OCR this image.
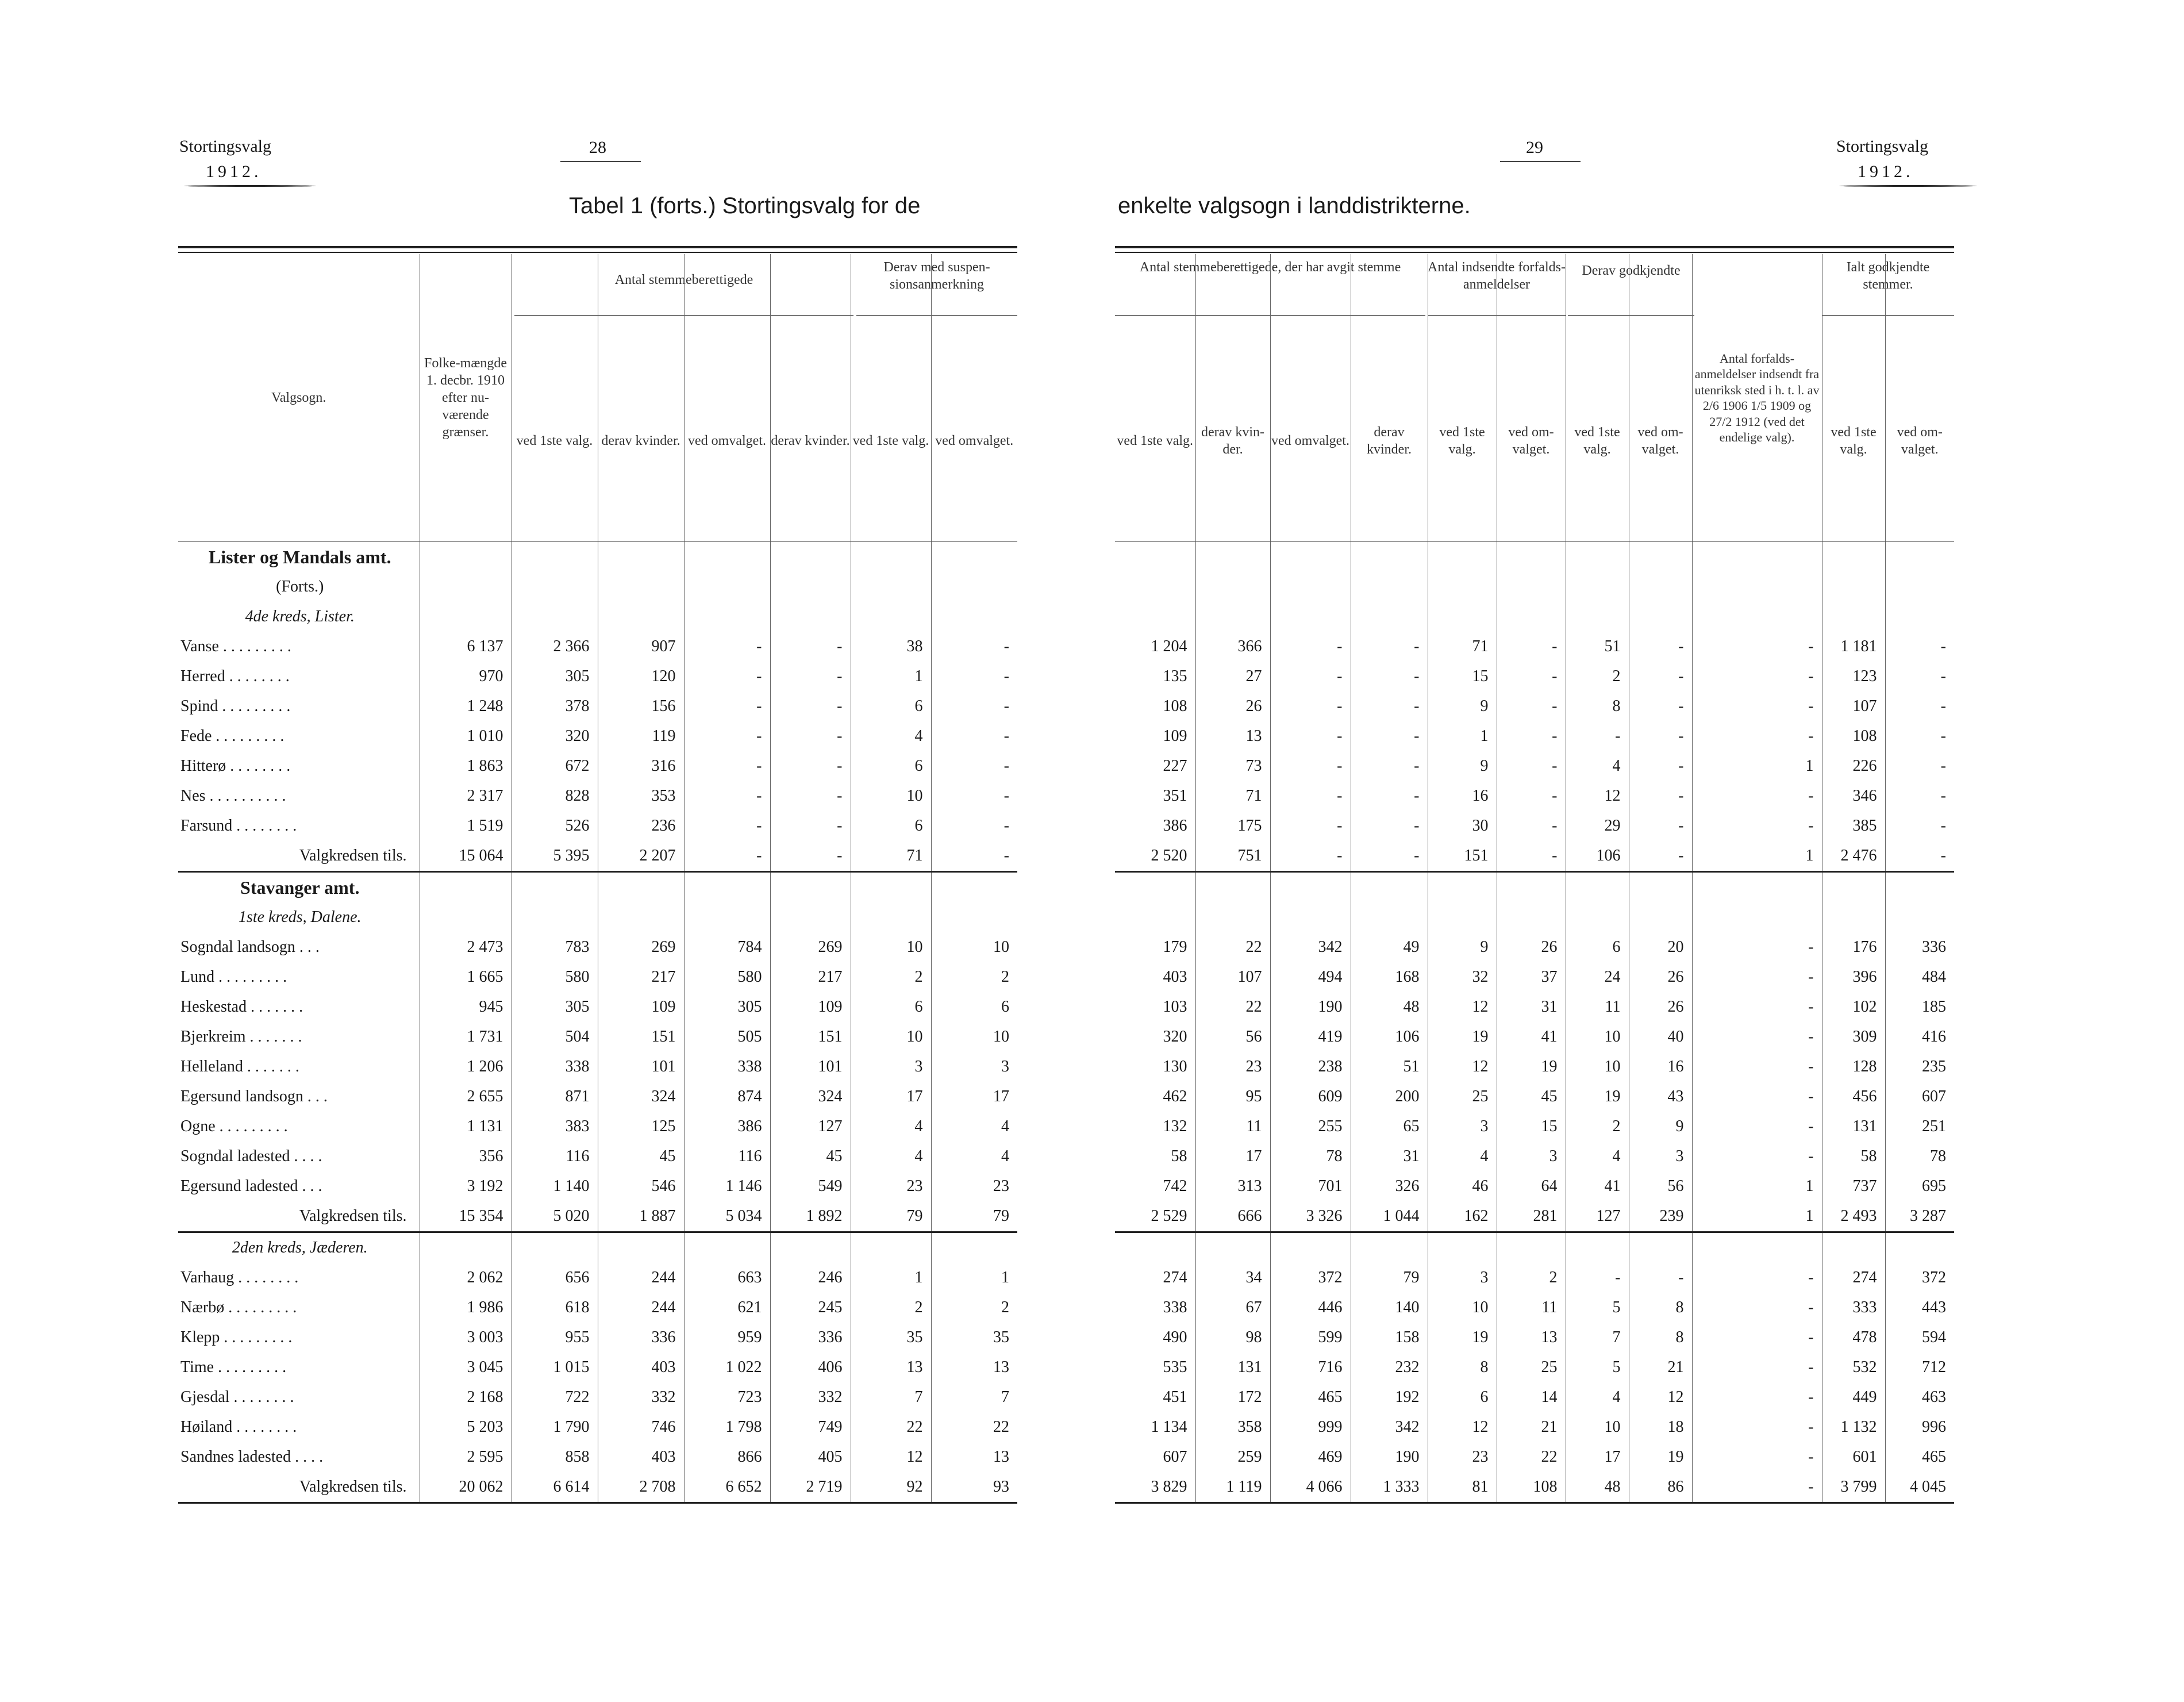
Stortingsvalg
1912.
28
Tabel 1 (forts.) Stortingsvalg for de
29
enkelte valgsogn i landdistrikterne.
Stortingsvalg
1912.
Antal stemmeberettigede
Derav med suspen-sionsanmerkning
Antal stemmeberettigede, der har avgit stemme	Antal indsendte forfalds-anmeldelser
Derav godkjendte	Ialt godkjendte stemmer.
Valgsogn.	Folke-mængde 1. decbr. 1910 efter nu-værende grænser.	ved 1ste valg.	derav kvinder.	ved omvalget.	derav kvinder.	ved 1ste valg.	ved omvalget.
Lister og Mandals amt.							
(Forts.)							
4de kreds, Lister.							
Vanse . . . . . . . . .	6 137	2 366	907	-	-	38	-
Herred . . . . . . . .	970	305	120	-	-	1	-
Spind . . . . . . . . .	1 248	378	156	-	-	6	-
Fede . . . . . . . . .	1 010	320	119	-	-	4	-
Hitterø . . . . . . . .	1 863	672	316	-	-	6	-
Nes . . . . . . . . . .	2 317	828	353	-	-	10	-
Farsund . . . . . . . .	1 519	526	236	-	-	6	-
Valgkredsen tils.	15 064	5 395	2 207	-	-	71	-
Stavanger amt.							
1ste kreds, Dalene.							
Sogndal landsogn . . .	2 473	783	269	784	269	10	10
Lund . . . . . . . . .	1 665	580	217	580	217	2	2
Heskestad . . . . . . .	945	305	109	305	109	6	6
Bjerkreim . . . . . . .	1 731	504	151	505	151	10	10
Helleland . . . . . . .	1 206	338	101	338	101	3	3
Egersund landsogn . . .	2 655	871	324	874	324	17	17
Ogne . . . . . . . . .	1 131	383	125	386	127	4	4
Sogndal ladested . . . .	356	116	45	116	45	4	4
Egersund ladested . . .	3 192	1 140	546	1 146	549	23	23
Valgkredsen tils.	15 354	5 020	1 887	5 034	1 892	79	79
2den kreds, Jæderen.							
Varhaug . . . . . . . .	2 062	656	244	663	246	1	1
Nærbø . . . . . . . . .	1 986	618	244	621	245	2	2
Klepp . . . . . . . . .	3 003	955	336	959	336	35	35
Time . . . . . . . . .	3 045	1 015	403	1 022	406	13	13
Gjesdal . . . . . . . .	2 168	722	332	723	332	7	7
Høiland . . . . . . . .	5 203	1 790	746	1 798	749	22	22
Sandnes ladested . . . .	2 595	858	403	866	405	12	13
Valgkredsen tils.	20 062	6 614	2 708	6 652	2 719	92	93
ved 1ste valg.	derav kvin-der.	ved omvalget.	derav kvinder.	ved 1ste valg.	ved om-valget.	ved 1ste valg.	ved om-valget.	Antal forfalds-anmeldelser indsendt fra utenriksk sted i h. t. l. av 2/6 1906 1/5 1909 og 27/2 1912 (ved det endelige valg).	ved 1ste valg.	ved om-valget.

1 204	366	-	-	71	-	51	-	-	1 181	-
135	27	-	-	15	-	2	-	-	123	-
108	26	-	-	9	-	8	-	-	107	-
109	13	-	-	1	-	-	-	-	108	-
227	73	-	-	9	-	4	-	1	226	-
351	71	-	-	16	-	12	-	-	346	-
386	175	-	-	30	-	29	-	-	385	-
2 520	751	-	-	151	-	106	-	1	2 476	-

179	22	342	49	9	26	6	20	-	176	336
403	107	494	168	32	37	24	26	-	396	484
103	22	190	48	12	31	11	26	-	102	185
320	56	419	106	19	41	10	40	-	309	416
130	23	238	51	12	19	10	16	-	128	235
462	95	609	200	25	45	19	43	-	456	607
132	11	255	65	3	15	2	9	-	131	251
58	17	78	31	4	3	4	3	-	58	78
742	313	701	326	46	64	41	56	1	737	695
2 529	666	3 326	1 044	162	281	127	239	1	2 493	3 287

274	34	372	79	3	2	-	-	-	274	372
338	67	446	140	10	11	5	8	-	333	443
490	98	599	158	19	13	7	8	-	478	594
535	131	716	232	8	25	5	21	-	532	712
451	172	465	192	6	14	4	12	-	449	463
1 134	358	999	342	12	21	10	18	-	1 132	996
607	259	469	190	23	22	17	19	-	601	465
3 829	1 119	4 066	1 333	81	108	48	86	-	3 799	4 045
